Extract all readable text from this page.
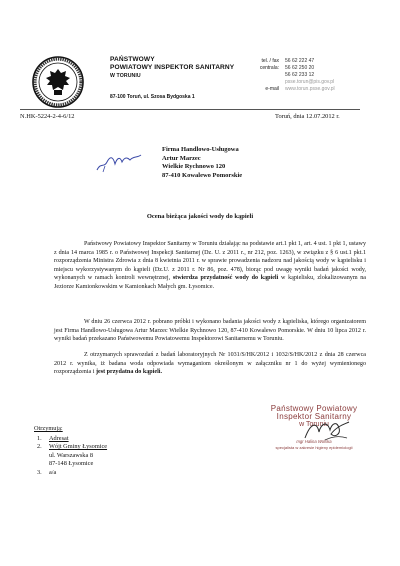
PAŃSTWOWY
POWIATOWY INSPEKTOR SANITARNY
W TORUNIU
87-100 Toruń, ul. Szosa Bydgoska 1
tel. / fax
centrala:

e-mail
56 62 222 47
56 62 250 20
56 62 233 12
psse.torun@pis.gov.pl
www.torun.psse.gov.pl
N.HK-5224-2-4-6/12	Toruń, dnia 12.07.2012 r.
Firma Handlowo-Usługowa
Artur Marzec
Wielkie Rychnowo 120
87-410 Kowalewo Pomorskie
Ocena bieżąca jakości wody do kąpieli
Państwowy Powiatowy Inspektor Sanitarny w Toruniu działając na podstawie art.1 pkt 1, art. 4 ust. 1 pkt 1, ustawy z dnia 14 marca 1985 r. o Państwowej Inspekcji Sanitarnej (Dz. U. z 2011 r., nr 212, poz. 1263), w związku z § 6 ust.1 pkt.1 rozporządzenia Ministra Zdrowia z dnia 8 kwietnia 2011 r. w sprawie prowadzenia nadzoru nad jakością wody w kąpielisku i miejscu wykorzystywanym do kąpieli (Dz.U. z 2011 r. Nr 86, poz. 478), biorąc pod uwagę wyniki badań jakości wody, wykonanych w ramach kontroli wewnętrznej, stwierdza przydatność wody do kąpieli w kąpielisku, zlokalizowanym na Jeziorze Kamionkowskim w Kamionkach Małych gm. Łysomice.
W dniu 26 czerwca 2012 r. pobrano próbki i wykonano badania jakości wody z kąpieliska, którego organizatorem jest Firma Handlowo-Usługowa Artur Marzec Wielkie Rychnowo 120, 87-410 Kowalewo Pomorskie. W dniu 10 lipca 2012 r. wyniki badań przekazano Państwowemu Powiatowemu Inspektorowi Sanitarnemu w Toruniu.
Z otrzymanych sprawozdań z badań laboratoryjnych Nr 1031/S/HK/2012 i 1032/S/HK/2012 z dnia 28 czerwca 2012 r. wynika, iż badana woda odpowiada wymaganiom określonym w załączniku nr 1 do wyżej wymienionego rozporządzenia i jest przydatna do kąpieli.
Państwowy Powiatowy
Inspektor Sanitarny
w Toruniu
mgr Halina Wolska
specjalista w zakresie higieny epidemiologii
Otrzymują:
1. Adresat
2. Wójt Gminy Łysomice
ul. Warszawska 8
87-148 Łysomice
3. a/a
